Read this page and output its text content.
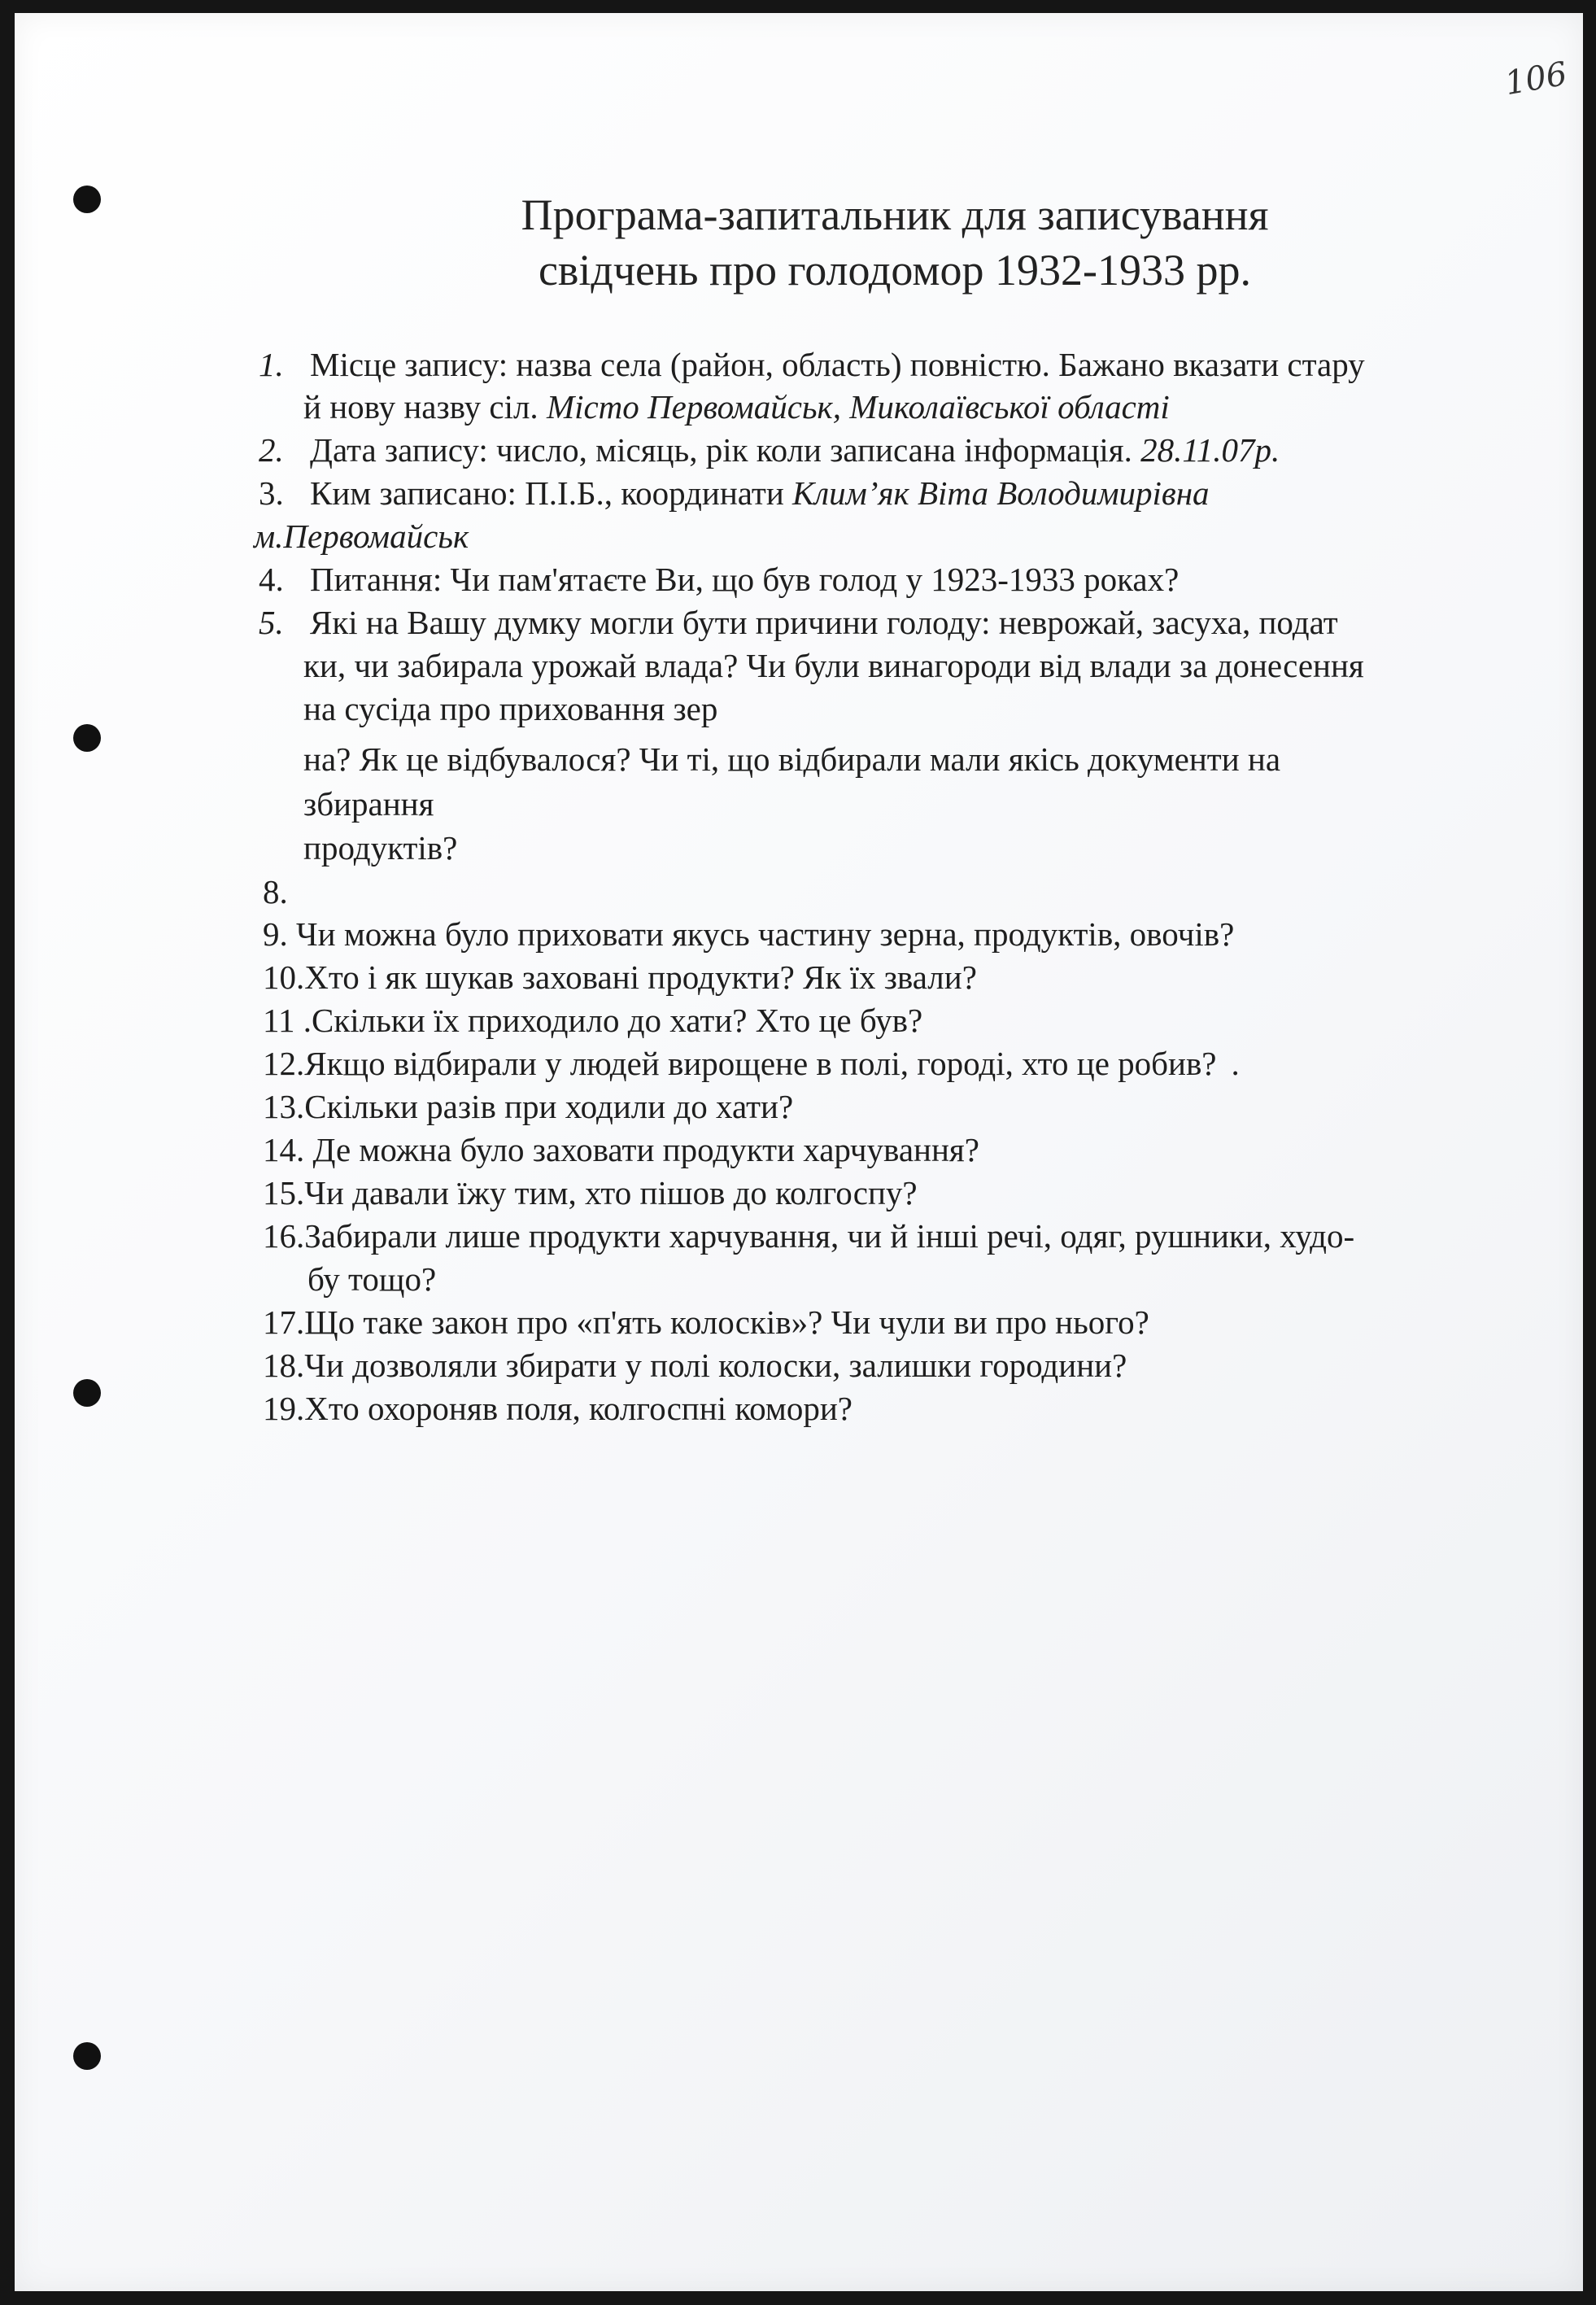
106
Програма-запитальник для записування
свідчень про голодомор 1932-1933 рр.
1. Місце запису: назва села (район, область) повністю. Бажано вказати стару
й нову назву сіл. Місто Первомайськ, Миколаївської області
2. Дата запису: число, місяць, рік коли записана інформація. 28.11.07р.
3. Ким записано: П.І.Б., координати Клим’як Віта Володимирівна
м.Первомайськ
4. Питання: Чи пам'ятаєте Ви, що був голод у 1923-1933 роках?
5. Які на Вашу думку могли бути причини голоду: неврожай, засуха, подат
ки, чи забирала урожай влада? Чи були винагороди від влади за донесення
на сусіда про приховання зер
на? Як це відбувалося? Чи ті, що відбирали мали якісь документи на
збирання
продуктів?
8.
9. Чи можна було приховати якусь частину зерна, продуктів, овочів?
10.Хто і як шукав заховані продукти? Як їх звали?
11 .Скільки їх приходило до хати? Хто це був?
12.Якщо відбирали у людей вирощене в полі, городі, хто це робив? .
13.Скільки разів при ходили до хати?
14. Де можна було заховати продукти харчування?
15.Чи давали їжу тим, хто пішов до колгоспу?
16.Забирали лише продукти харчування, чи й інші речі, одяг, рушники, худо-
бу тощо?
17.Що таке закон про «п'ять колосків»? Чи чули ви про нього?
18.Чи дозволяли збирати у полі колоски, залишки городини?
19.Хто охороняв поля, колгоспні комори?
